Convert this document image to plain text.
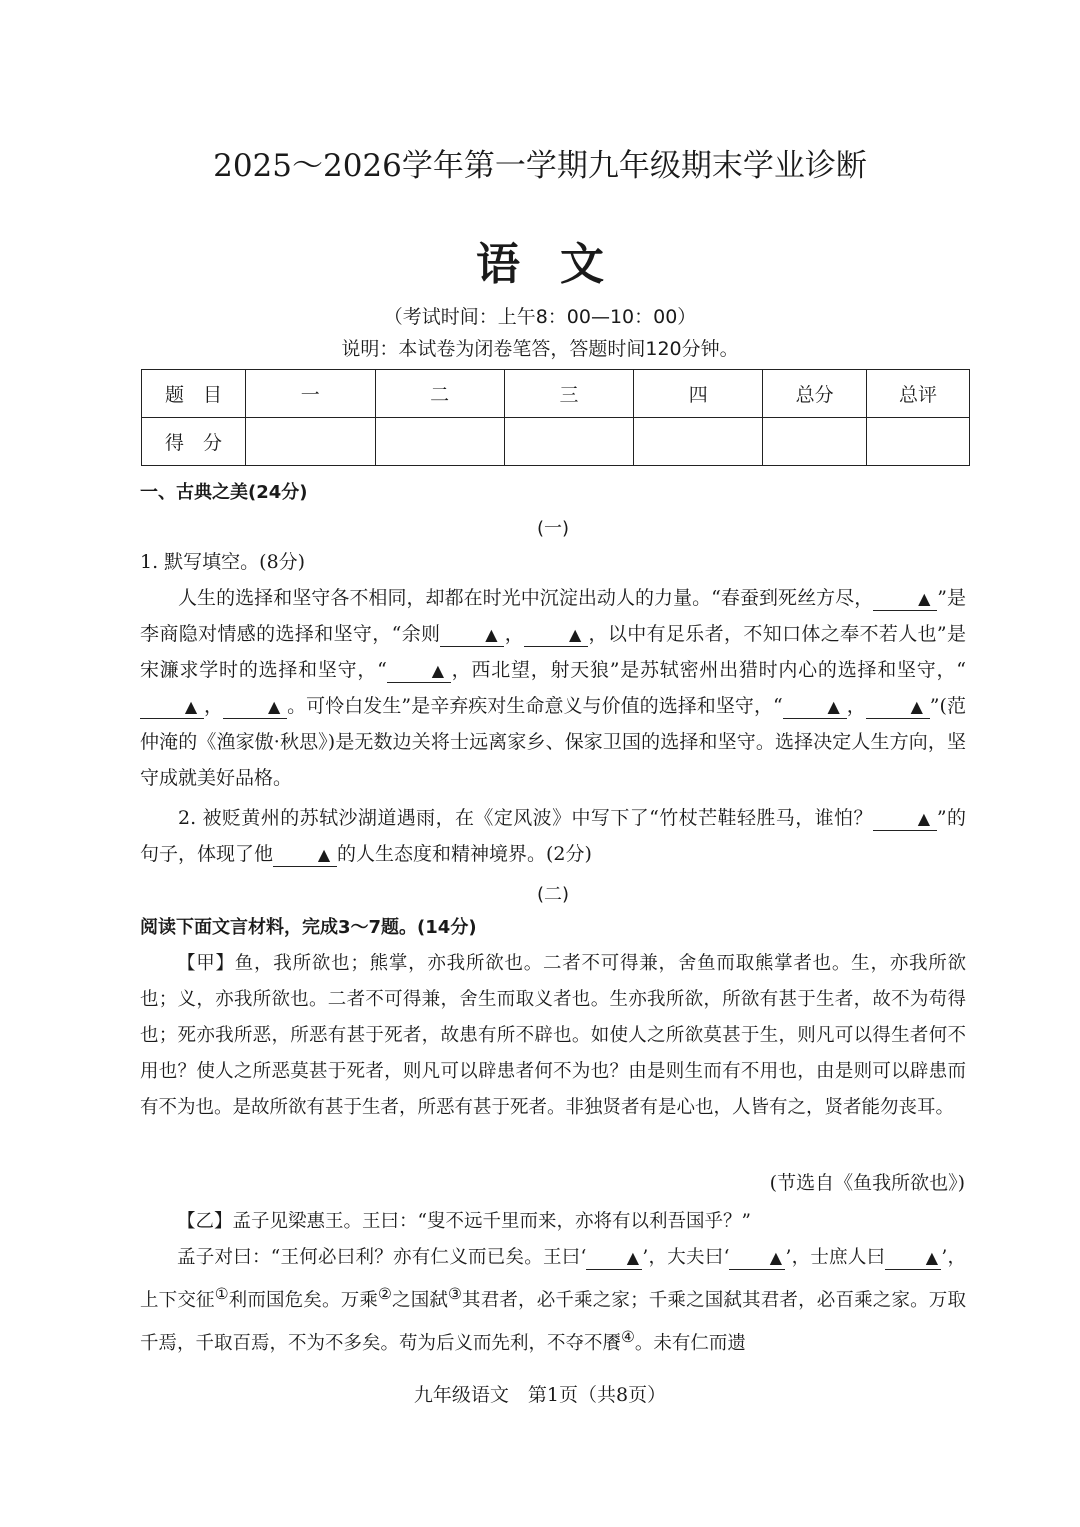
2025～2026学年第一学期九年级期末学业诊断
语文
（考试时间：上午8：00—10：00）
说明：本试卷为闭卷笔答，答题时间120分钟。
题　目	一	二	三	四	总分	总评
得　分						
一、古典之美(24分)
(一)
1. 默写填空。(8分)

人生的选择和坚守各不相同，却都在时光中沉淀出动人的力量。“春蚕到死丝方尽，	▲ ”是李商隐对情感的选择和坚守，“余则	▲ ，	▲ ，以中有足乐者，不知口体之奉不若人也”是宋濂求学时的选择和坚守，“	▲ ，西北望，射天狼”是苏轼密州出猎时内心的选择和坚守，“▲ ，	▲ 。可怜白发生”是辛弃疾对生命意义与价值的选择和坚守，“	▲ ，	▲ ”(范仲淹的《渔家傲·秋思》)是无数边关将士远离家乡、保家卫国的选择和坚守。选择决定人生方向，坚守成就美好品格。

2. 被贬黄州的苏轼沙湖道遇雨，在《定风波》中写下了“竹杖芒鞋轻胜马，谁怕？	▲ ”的句子，体现了他	▲ 的人生态度和精神境界。(2分)

(二)
阅读下面文言材料，完成3～7题。(14分)

【甲】鱼，我所欲也；熊掌，亦我所欲也。二者不可得兼，舍鱼而取熊掌者也。生，亦我所欲也；义，亦我所欲也。二者不可得兼，舍生而取义者也。生亦我所欲，所欲有甚于生者，故不为苟得也；死亦我所恶，所恶有甚于死者，故患有所不辟也。如使人之所欲莫甚于生，则凡可以得生者何不用也？使人之所恶莫甚于死者，则凡可以辟患者何不为也？由是则生而有不用也，由是则可以辟患而有不为也。是故所欲有甚于生者，所恶有甚于死者。非独贤者有是心也，人皆有之，贤者能勿丧耳。

(节选自《鱼我所欲也》)

【乙】孟子见梁惠王。王曰：“叟不远千里而来，亦将有以利吾国乎？”

孟子对曰：“王何必曰利？亦有仁义而已矣。王曰‘	▲ ’，大夫曰‘	▲ ’，士庶人曰	▲ ’，上下交征①利而国危矣。万乘②之国弑③其君者，必千乘之家；千乘之国弑其君者，必百乘之家。万取千焉，千取百焉，不为不多矣。苟为后义而先利，不夺不餍④。未有仁而遗

九年级语文　第1页（共8页）
